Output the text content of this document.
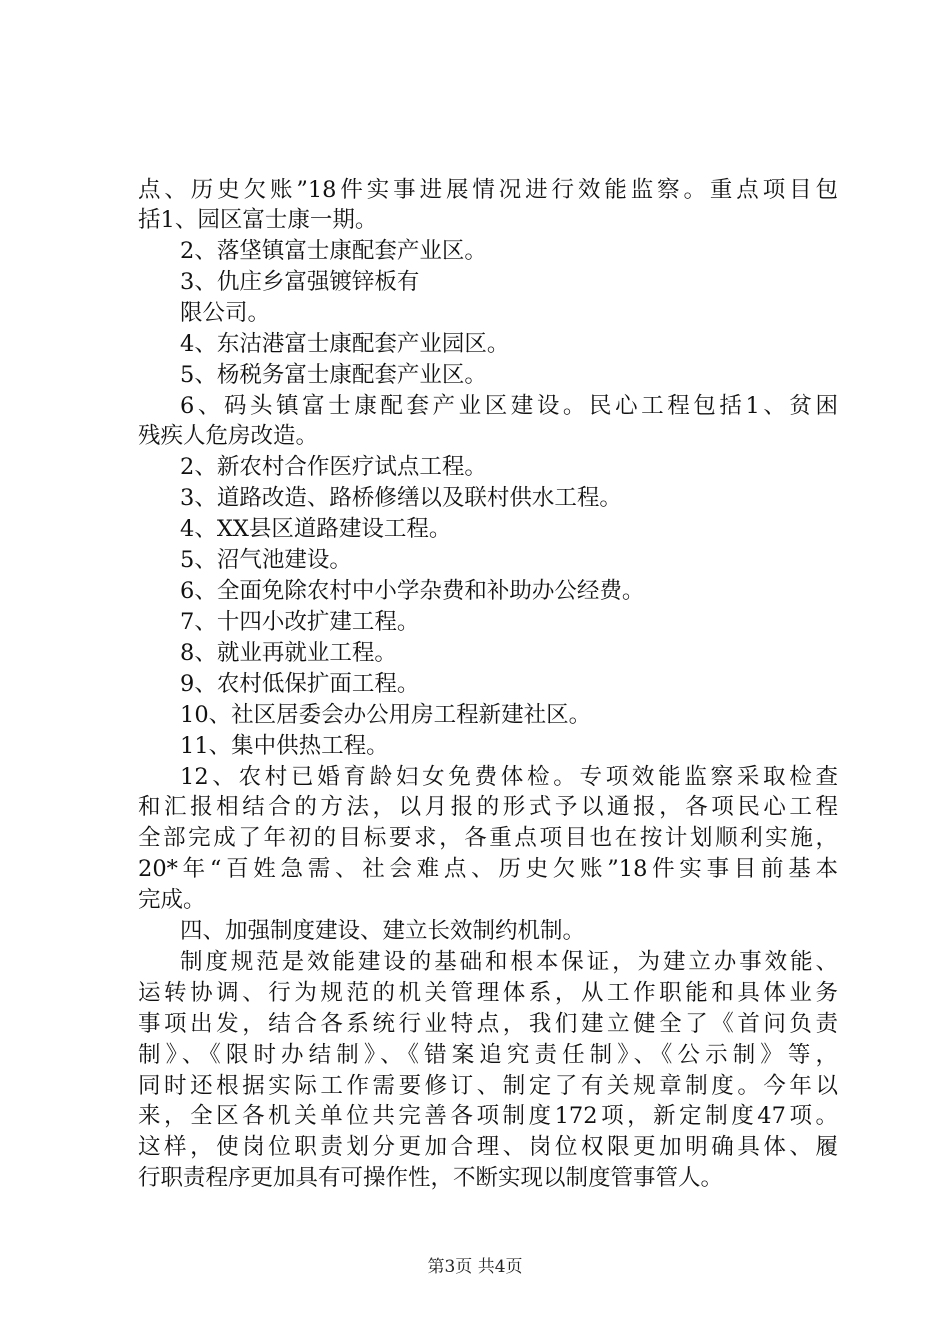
点、历史欠账”18件实事进展情况进行效能监察。重点项目包
括1、园区富士康一期。
2、落垡镇富士康配套产业区。
3、仇庄乡富强镀锌板有
限公司。
4、东沽港富士康配套产业园区。
5、杨税务富士康配套产业区。
6、码头镇富士康配套产业区建设。民心工程包括1、贫困
残疾人危房改造。
2、新农村合作医疗试点工程。
3、道路改造、路桥修缮以及联村供水工程。
4、XX县区道路建设工程。
5、沼气池建设。
6、全面免除农村中小学杂费和补助办公经费。
7、十四小改扩建工程。
8、就业再就业工程。
9、农村低保扩面工程。
10、社区居委会办公用房工程新建社区。
11、集中供热工程。
12、农村已婚育龄妇女免费体检。专项效能监察采取检查
和汇报相结合的方法，以月报的形式予以通报，各项民心工程
全部完成了年初的目标要求，各重点项目也在按计划顺利实施，
20*年“百姓急需、社会难点、历史欠账”18件实事目前基本
完成。
四、加强制度建设、建立长效制约机制。
制度规范是效能建设的基础和根本保证，为建立办事效能、
运转协调、行为规范的机关管理体系，从工作职能和具体业务
事项出发，结合各系统行业特点，我们建立健全了《首问负责
制》、《限时办结制》、《错案追究责任制》、《公示制》等，
同时还根据实际工作需要修订、制定了有关规章制度。今年以
来，全区各机关单位共完善各项制度172项，新定制度47项。
这样，使岗位职责划分更加合理、岗位权限更加明确具体、履
行职责程序更加具有可操作性，不断实现以制度管事管人。
第3页 共4页
